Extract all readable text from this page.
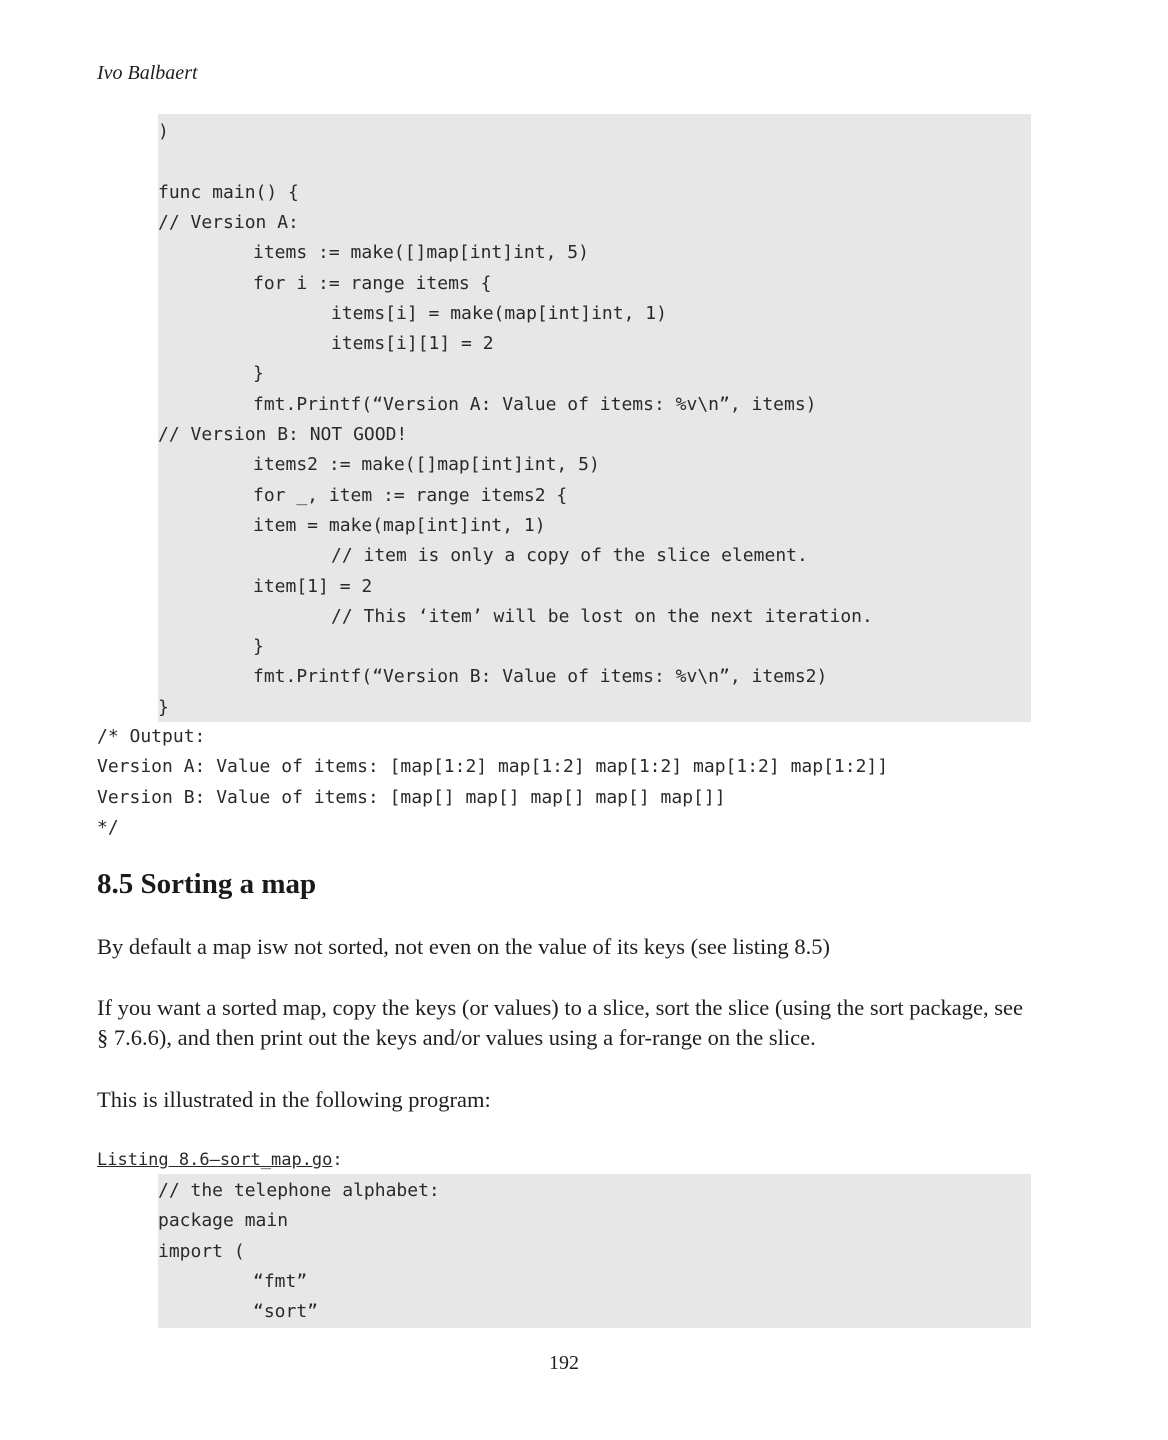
Ivo Balbaert
)
func main() {
// Version A:
items := make([]map[int]int, 5)
for i := range items {
items[i] = make(map[int]int, 1)
items[i][1] = 2
}
fmt.Printf(“Version A: Value of items: %v\n”, items)
// Version B: NOT GOOD!
items2 := make([]map[int]int, 5)
for _, item := range items2 {
item = make(map[int]int, 1)
// item is only a copy of the slice element.
item[1] = 2
// This ‘item’ will be lost on the next iteration.
}
fmt.Printf(“Version B: Value of items: %v\n”, items2)
}
/* Output:
Version A: Value of items: [map[1:2] map[1:2] map[1:2] map[1:2] map[1:2]]
Version B: Value of items: [map[] map[] map[] map[] map[]]
*/
8.5 Sorting a map
By default a map isw not sorted, not even on the value of its keys (see listing 8.5)
If you want a sorted map, copy the keys (or values) to a slice, sort the slice (using the sort package, see § 7.6.6), and then print out the keys and/or values using a for-range on the slice.
This is illustrated in the following program:
Listing 8.6—sort_map.go:
// the telephone alphabet:
package main
import (
“fmt”
“sort”
192
